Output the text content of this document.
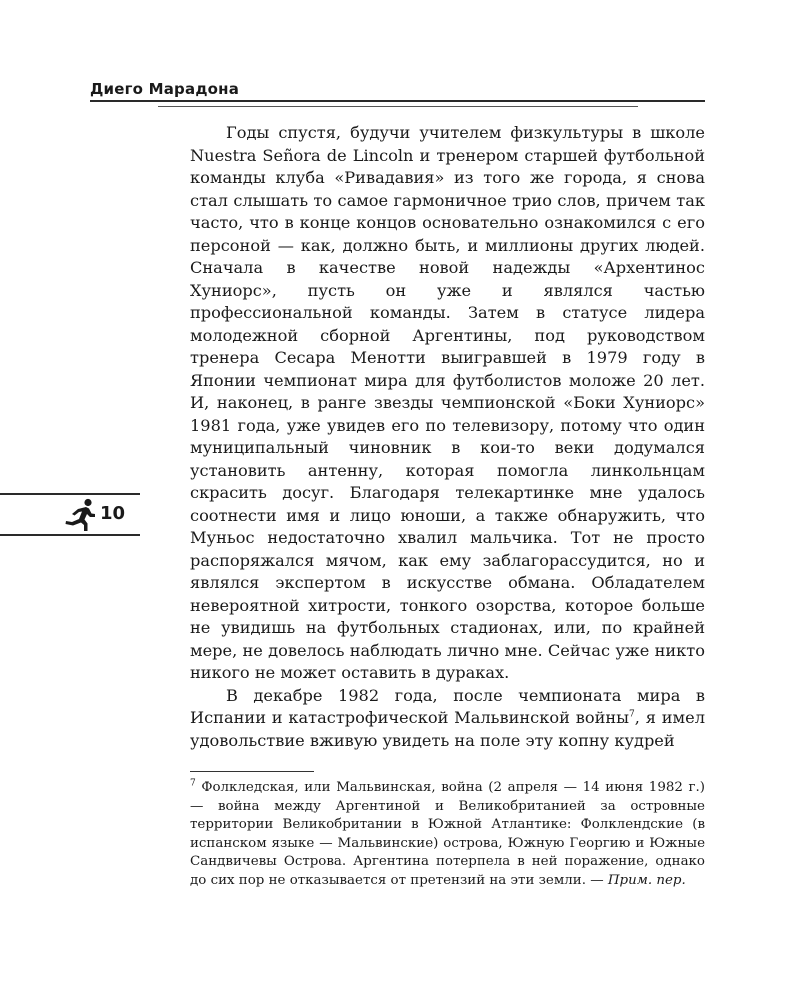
Диего Марадона

Годы спустя, будучи учителем физкультуры в школе Nuestra Señora de Lincoln и тренером старшей футбольной команды клуба «Ривадавия» из того же города, я снова стал слышать то самое гармоничное трио слов, причем так часто, что в конце концов основательно ознакомился с его персоной — как, должно быть, и миллионы других людей. Сначала в качестве новой надежды «Архентинос Хуниорс», пусть он уже и являлся частью профессиональной команды. Затем в статусе лидера молодежной сборной Аргентины, под руководством тренера Сесара Менотти выигравшей в 1979 году в Японии чемпионат мира для футболистов моложе 20 лет. И, наконец, в ранге звезды чемпионской «Боки Хуниорс» 1981 года, уже увидев его по телевизору, потому что один муниципальный чиновник в кои-то веки додумался установить антенну, которая помогла линкольнцам скрасить досуг. Благодаря телекартинке мне удалось соотнести имя и лицо юноши, а также обнаружить, что Муньос недостаточно хвалил мальчика. Тот не просто распоряжался мячом, как ему заблагорассудится, но и являлся экспертом в искусстве обмана. Обладателем невероятной хитрости, тонкого озорства, которое больше не увидишь на футбольных стадионах, или, по крайней мере, не довелось наблюдать лично мне. Сейчас уже никто никого не может оставить в дураках.

В декабре 1982 года, после чемпионата мира в Испании и катастрофической Мальвинской войны$^7$, я имел удовольствие вживую увидеть на поле эту копну кудрей

$^7$ Фолкледская, или Мальвинская, война (2 апреля — 14 июня 1982 г.) — война между Аргентиной и Великобританией за островные территории Великобритании в Южной Атлантике: Фолклендские (в испанском языке — Мальвинские) острова, Южную Георгию и Южные Сандвичевы Острова. Аргентина потерпела в ней поражение, однако до сих пор не отказывается от претензий на эти земли. — Прим. пер.
10
